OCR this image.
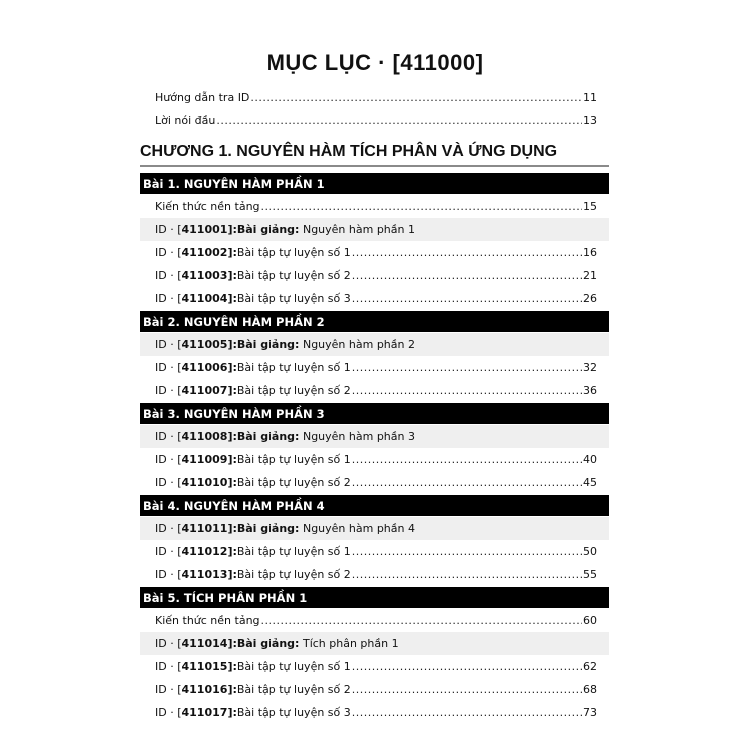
MỤC LỤC · [411000]
Hướng dẫn tra ID .....	11
Lời nói đầu .....	13
CHƯƠNG 1. NGUYÊN HÀM TÍCH PHÂN VÀ ỨNG DỤNG
Bài 1. NGUYÊN HÀM PHẦN 1
Kiến thức nền tảng .....	15
ID · [ 411001 ]: Bài giảng:
Nguyên hàm phần 1
ID · [ 411002 ]: Bài tập tự luyện số 1 .....	16
ID · [ 411003 ]: Bài tập tự luyện số 2 .....	21
ID · [ 411004 ]: Bài tập tự luyện số 3 .....	26
Bài 2. NGUYÊN HÀM PHẦN 2
ID · [ 411005 ]: Bài giảng:
Nguyên hàm phần 2
ID · [ 411006 ]: Bài tập tự luyện số 1 .....	32
ID · [ 411007 ]: Bài tập tự luyện số 2 .....	36
Bài 3. NGUYÊN HÀM PHẦN 3
ID · [ 411008 ]: Bài giảng:
Nguyên hàm phần 3
ID · [ 411009 ]: Bài tập tự luyện số 1 .....	40
ID · [ 411010 ]: Bài tập tự luyện số 2 .....	45
Bài 4. NGUYÊN HÀM PHẦN 4
ID · [ 411011 ]: Bài giảng:
Nguyên hàm phần 4
ID · [ 411012 ]: Bài tập tự luyện số 1 .....	50
ID · [ 411013 ]: Bài tập tự luyện số 2 .....	55
Bài 5. TÍCH PHÂN PHẦN 1
Kiến thức nền tảng .....	60
ID · [ 411014 ]: Bài giảng:
Tích phân phần 1
ID · [ 411015 ]: Bài tập tự luyện số 1 .....	62
ID · [ 411016 ]: Bài tập tự luyện số 2 .....	68
ID · [ 411017 ]: Bài tập tự luyện số 3 .....	73
